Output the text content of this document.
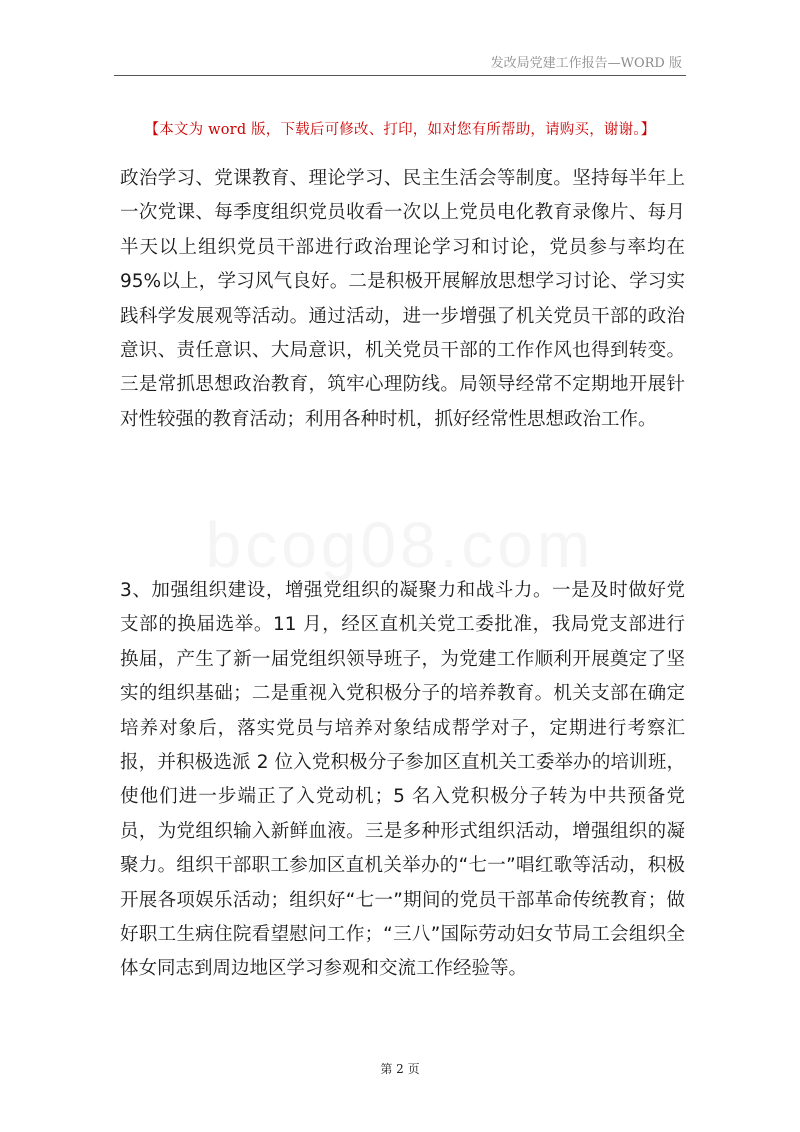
发改局党建工作报告—WORD 版
【本文为 word 版，下载后可修改、打印，如对您有所帮助，请购买，谢谢。】
bcog08.com

政治学习、党课教育、理论学习、民主生活会等制度。坚持每半年上一次党课、每季度组织党员收看一次以上党员电化教育录像片、每月半天以上组织党员干部进行政治理论学习和讨论，党员参与率均在95%以上，学习风气良好。二是积极开展解放思想学习讨论、学习实践科学发展观等活动。通过活动，进一步增强了机关党员干部的政治意识、责任意识、大局意识，机关党员干部的工作作风也得到转变。三是常抓思想政治教育，筑牢心理防线。局领导经常不定期地开展针对性较强的教育活动；利用各种时机，抓好经常性思想政治工作。

3、加强组织建设，增强党组织的凝聚力和战斗力。一是及时做好党支部的换届选举。11 月，经区直机关党工委批准，我局党支部进行换届，产生了新一届党组织领导班子，为党建工作顺利开展奠定了坚实的组织基础；二是重视入党积极分子的培养教育。机关支部在确定培养对象后，落实党员与培养对象结成帮学对子，定期进行考察汇报，并积极选派 2 位入党积极分子参加区直机关工委举办的培训班，使他们进一步端正了入党动机；5 名入党积极分子转为中共预备党员，为党组织输入新鲜血液。三是多种形式组织活动，增强组织的凝聚力。组织干部职工参加区直机关举办的“七一”唱红歌等活动，积极开展各项娱乐活动；组织好“七一”期间的党员干部革命传统教育；做好职工生病住院看望慰问工作；“三八”国际劳动妇女节局工会组织全体女同志到周边地区学习参观和交流工作经验等。

第 2 页
